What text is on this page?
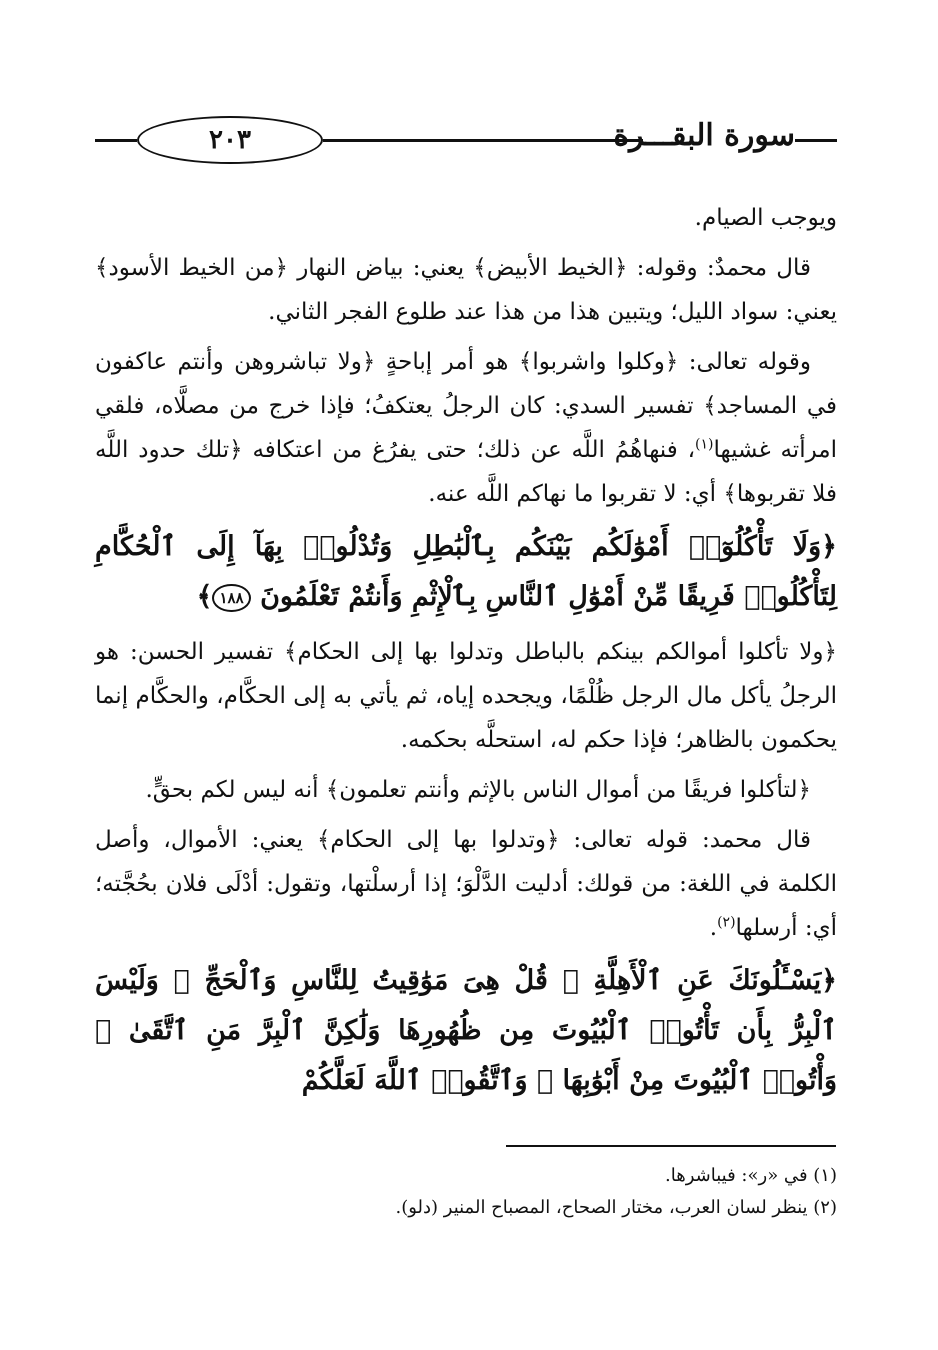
٢٠٣	سورة البقـــرة

ويوجب الصيام.

قال محمدٌ: وقوله: ﴿الخيط الأبيض﴾ يعني: بياض النهار ﴿من الخيط الأسود﴾ يعني: سواد الليل؛ ويتبين هذا من هذا عند طلوع الفجر الثاني.

وقوله تعالى: ﴿وكلوا واشربوا﴾ هو أمر إباحةٍ ﴿ولا تباشروهن وأنتم عاكفون في المساجد﴾ تفسير السدي: كان الرجلُ يعتكفُ؛ فإذا خرج من مصلَّاه، فلقي امرأته غشيها$^{(١)}$، فنهاهُمُ اللَّه عن ذلك؛ حتى يفرُغ من اعتكافه ﴿تلك حدود اللَّه فلا تقربوها﴾ أي: لا تقربوا ما نهاكم اللَّه عنه.

﴿وَلَا تَأْكُلُوٓا۟ أَمْوَٰلَكُم بَيْنَكُم بِٱلْبَٰطِلِ وَتُدْلُوا۟ بِهَآ إِلَى ٱلْحُكَّامِ لِتَأْكُلُوا۟ فَرِيقًا مِّنْ أَمْوَٰلِ ٱلنَّاسِ بِٱلْإِثْمِ وَأَنتُمْ تَعْلَمُونَ ١٨٨﴾

﴿ولا تأكلوا أموالكم بينكم بالباطل وتدلوا بها إلى الحكام﴾ تفسير الحسن: هو الرجلُ يأكل مال الرجل ظُلْمًا، ويجحده إياه، ثم يأتي به إلى الحكَّام، والحكَّام إنما يحكمون بالظاهر؛ فإذا حكم له، استحلَّه بحكمه.

﴿لتأكلوا فريقًا من أموال الناس بالإثم وأنتم تعلمون﴾ أنه ليس لكم بحقٍّ.

قال محمد: قوله تعالى: ﴿وتدلوا بها إلى الحكام﴾ يعني: الأموال، وأصل الكلمة في اللغة: من قولك: أدليت الدَّلْوَ؛ إذا أرسلْتها، وتقول: أدْلَى فلان بحُجَّته؛ أي: أرسلها$^{(٢)}$.

﴿يَسْـَٔلُونَكَ عَنِ ٱلْأَهِلَّةِ ۖ قُلْ هِىَ مَوَٰقِيتُ لِلنَّاسِ وَٱلْحَجِّ ۗ وَلَيْسَ ٱلْبِرُّ بِأَن تَأْتُوا۟ ٱلْبُيُوتَ مِن ظُهُورِهَا وَلَٰكِنَّ ٱلْبِرَّ مَنِ ٱتَّقَىٰ ۗ وَأْتُوا۟ ٱلْبُيُوتَ مِنْ أَبْوَٰبِهَا ۚ وَٱتَّقُوا۟ ٱللَّهَ لَعَلَّكُمْ

(١) في «ر»: فيباشرها.
(٢) ينظر لسان العرب، مختار الصحاح، المصباح المنير (دلو).
